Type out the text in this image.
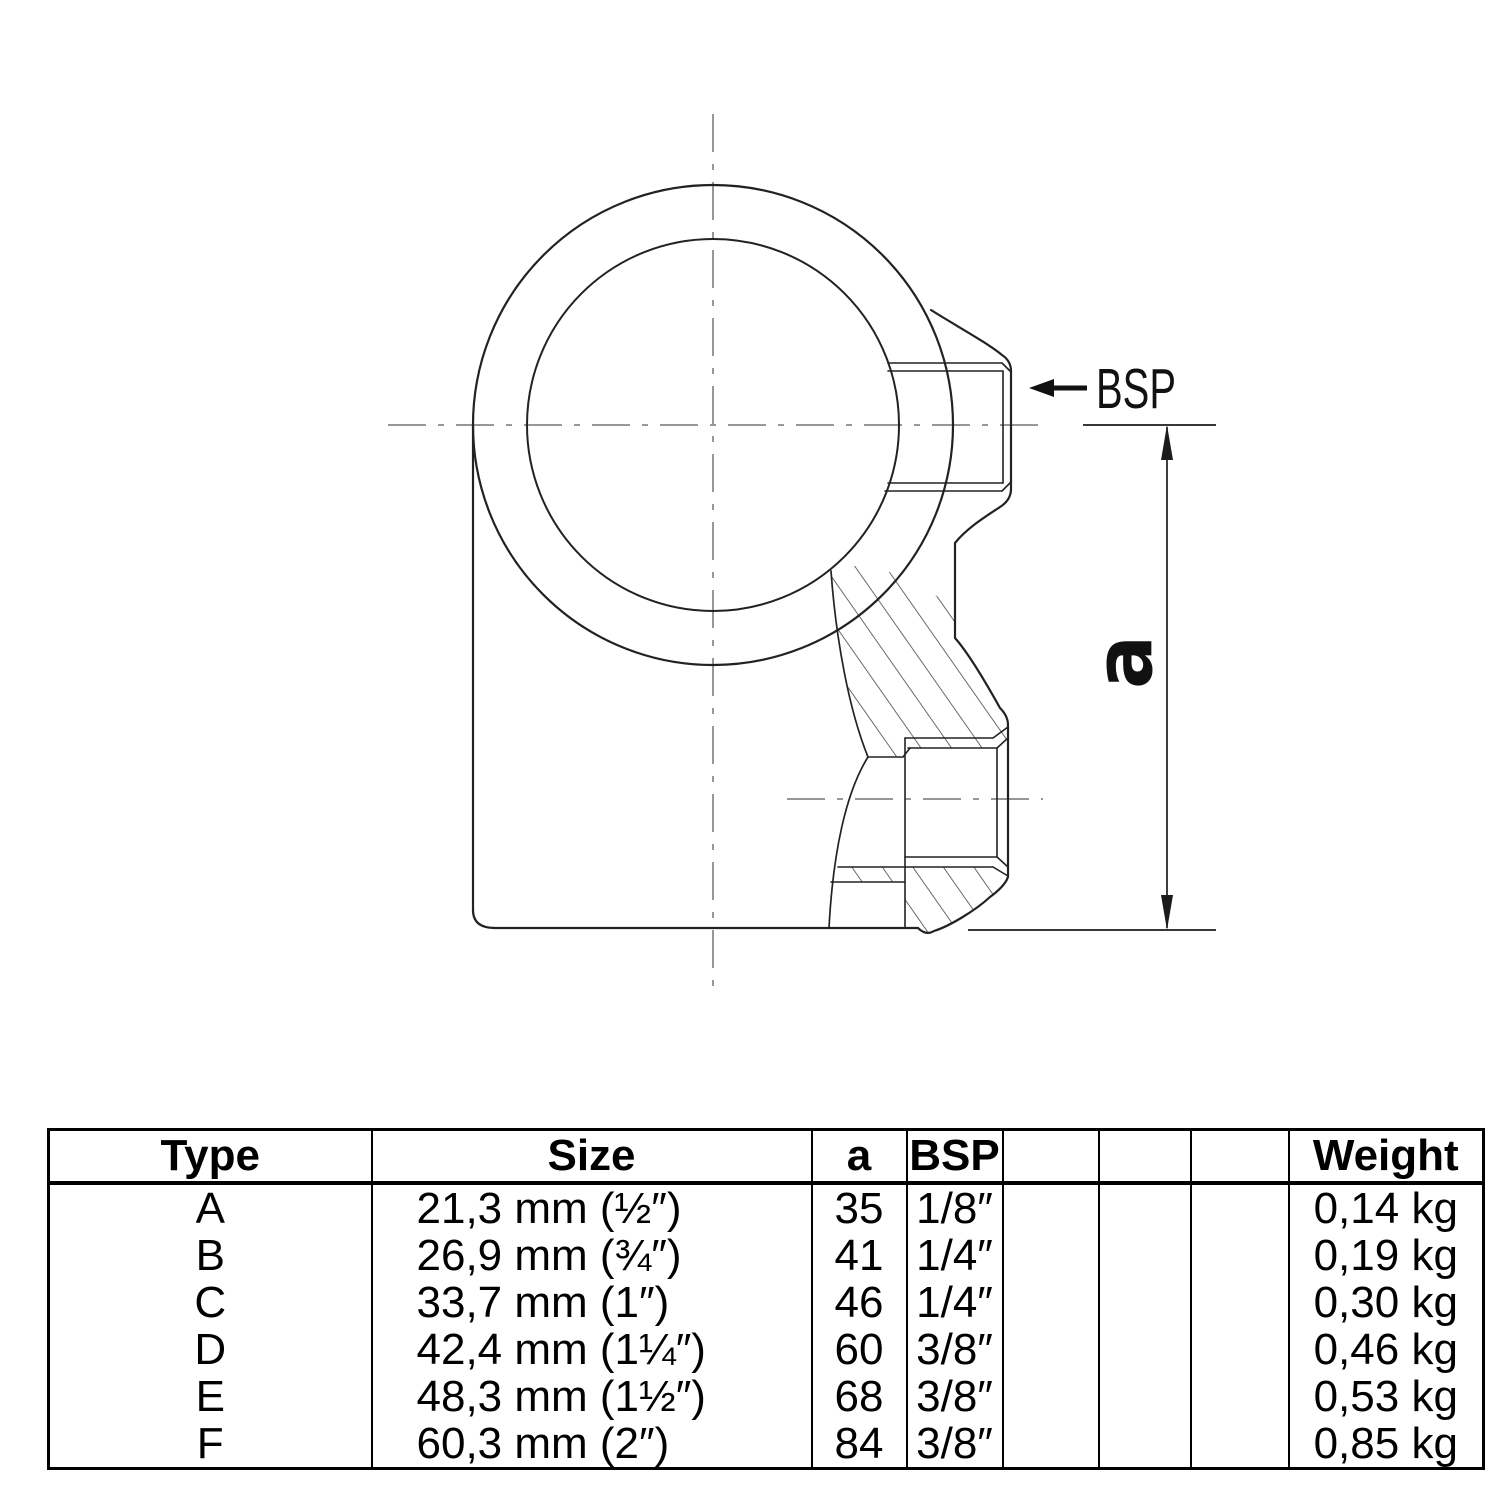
a
BSP
Type	Size	a	BSP				Weight
A	21,3 mm (½″)	35	1/8″				0,14 kg
B	26,9 mm (¾″)	41	1/4″				0,19 kg
C	33,7 mm (1″)	46	1/4″				0,30 kg
D	42,4 mm (1¼″)	60	3/8″				0,46 kg
E	48,3 mm (1½″)	68	3/8″				0,53 kg
F	60,3 mm (2″)	84	3/8″				0,85 kg
